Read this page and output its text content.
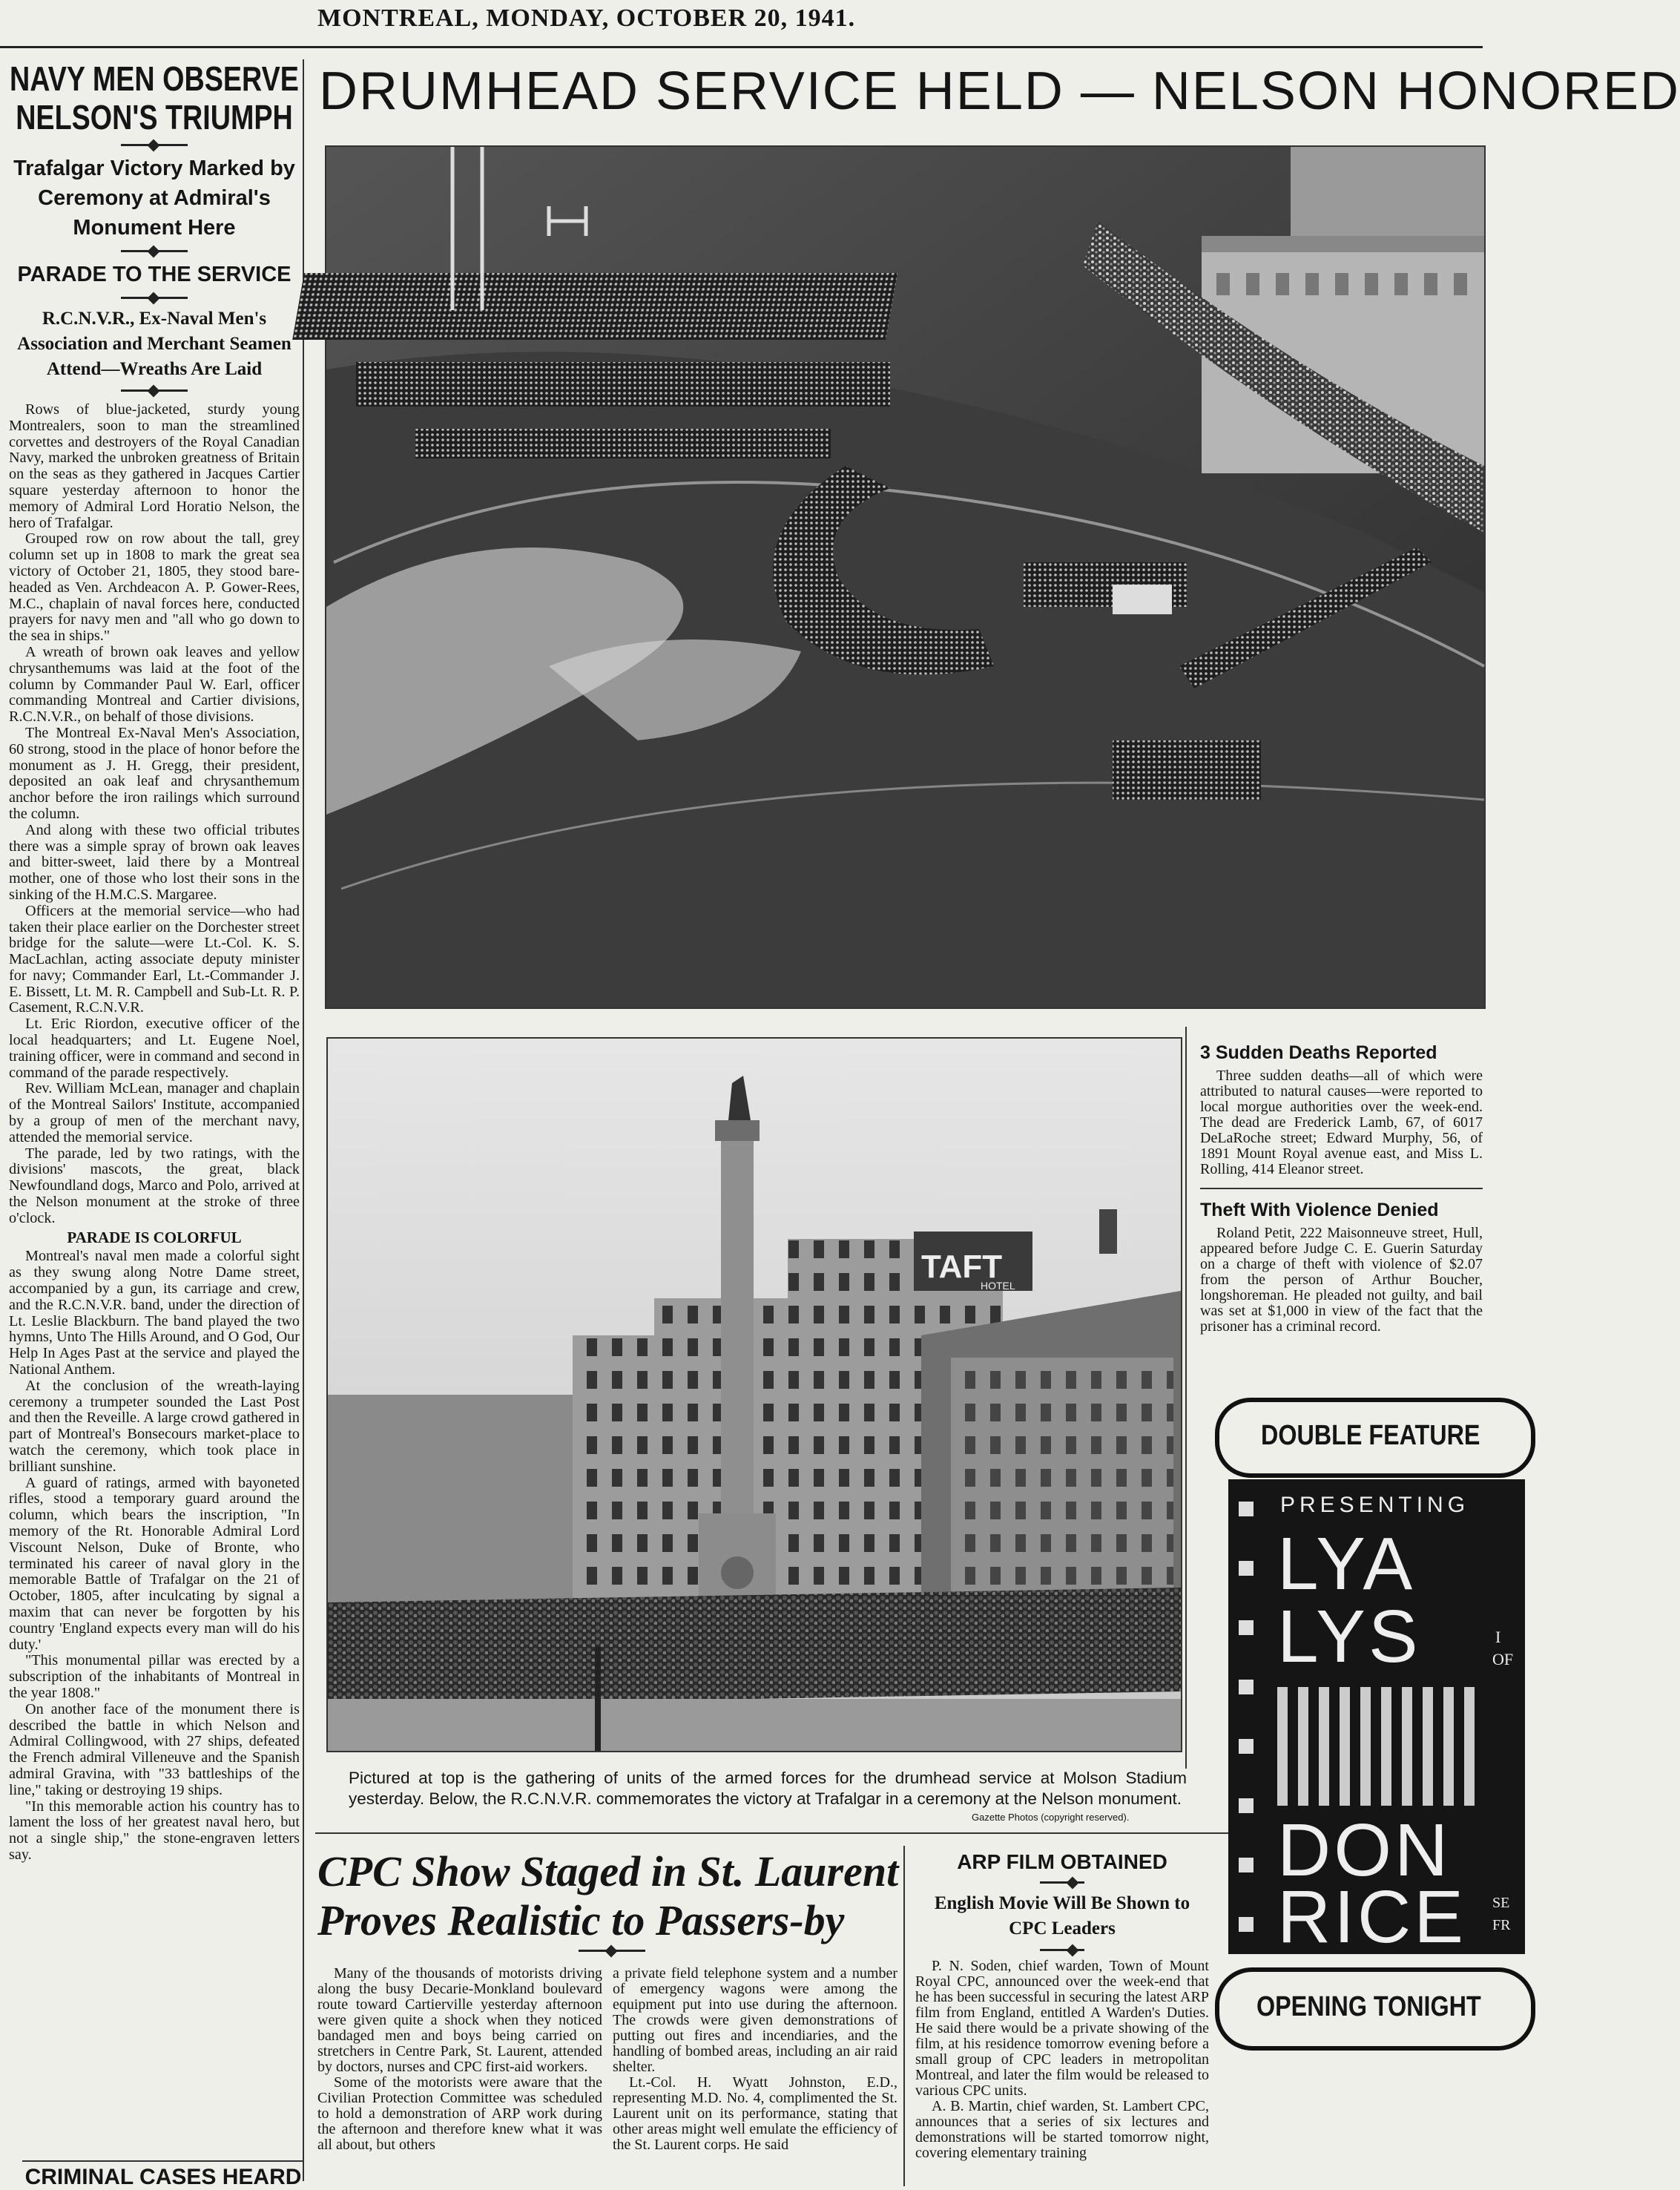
MONTREAL, MONDAY, OCTOBER 20, 1941.
NAVY MEN OBSERVE NELSON'S TRIUMPH
Trafalgar Victory Marked by Ceremony at Admiral's Monument Here
PARADE TO THE SERVICE
R.C.N.V.R., Ex-Naval Men's Association and Merchant Seamen Attend—Wreaths Are Laid

Rows of blue-jacketed, sturdy young Montrealers, soon to man the streamlined corvettes and destroyers of the Royal Canadian Navy, marked the unbroken greatness of Britain on the seas as they gathered in Jacques Cartier square yesterday afternoon to honor the memory of Admiral Lord Horatio Nelson, the hero of Trafalgar.

Grouped row on row about the tall, grey column set up in 1808 to mark the great sea victory of October 21, 1805, they stood bare-headed as Ven. Archdeacon A. P. Gower-Rees, M.C., chaplain of naval forces here, conducted prayers for navy men and "all who go down to the sea in ships."

A wreath of brown oak leaves and yellow chrysanthemums was laid at the foot of the column by Commander Paul W. Earl, officer commanding Montreal and Cartier divisions, R.C.N.V.R., on behalf of those divisions.

The Montreal Ex-Naval Men's Association, 60 strong, stood in the place of honor before the monument as J. H. Gregg, their president, deposited an oak leaf and chrysanthemum anchor before the iron railings which surround the column.

And along with these two official tributes there was a simple spray of brown oak leaves and bitter-sweet, laid there by a Montreal mother, one of those who lost their sons in the sinking of the H.M.C.S. Margaree.

Officers at the memorial service—who had taken their place earlier on the Dorchester street bridge for the salute—were Lt.-Col. K. S. MacLachlan, acting associate deputy minister for navy; Commander Earl, Lt.-Commander J. E. Bissett, Lt. M. R. Campbell and Sub-Lt. R. P. Casement, R.C.N.V.R.

Lt. Eric Riordon, executive officer of the local headquarters; and Lt. Eugene Noel, training officer, were in command and second in command of the parade respectively.

Rev. William McLean, manager and chaplain of the Montreal Sailors' Institute, accompanied by a group of men of the merchant navy, attended the memorial service.

The parade, led by two ratings, with the divisions' mascots, the great, black Newfoundland dogs, Marco and Polo, arrived at the Nelson monument at the stroke of three o'clock.

PARADE IS COLORFUL

Montreal's naval men made a colorful sight as they swung along Notre Dame street, accompanied by a gun, its carriage and crew, and the R.C.N.V.R. band, under the direction of Lt. Leslie Blackburn. The band played the two hymns, Unto The Hills Around, and O God, Our Help In Ages Past at the service and played the National Anthem.

At the conclusion of the wreath-laying ceremony a trumpeter sounded the Last Post and then the Reveille. A large crowd gathered in part of Montreal's Bonsecours market-place to watch the ceremony, which took place in brilliant sunshine.

A guard of ratings, armed with bayoneted rifles, stood a temporary guard around the column, which bears the inscription, "In memory of the Rt. Honorable Admiral Lord Viscount Nelson, Duke of Bronte, who terminated his career of naval glory in the memorable Battle of Trafalgar on the 21 of October, 1805, after inculcating by signal a maxim that can never be forgotten by his country 'England expects every man will do his duty.'

"This monumental pillar was erected by a subscription of the inhabitants of Montreal in the year 1808."

On another face of the monument there is described the battle in which Nelson and Admiral Collingwood, with 27 ships, defeated the French admiral Villeneuve and the Spanish admiral Gravina, with "33 battleships of the line," taking or destroying 19 ships.

"In this memorable action his country has to lament the loss of her greatest naval hero, but not a single ship," the stone-engraven letters say.

CRIMINAL CASES HEARD
DRUMHEAD SERVICE HELD — NELSON HONORED
TAFT
HOTEL
Pictured at top is the gathering of units of the armed forces for the drumhead service at Molson Stadium yesterday. Below, the R.C.N.V.R. commemorates the victory at Trafalgar in a ceremony at the Nelson monument.
Gazette Photos (copyright reserved).
CPC Show Staged in St. Laurent Proves Realistic to Passers-by

Many of the thousands of motorists driving along the busy Decarie-Monkland boulevard route toward Cartierville yesterday afternoon were given quite a shock when they noticed bandaged men and boys being carried on stretchers in Centre Park, St. Laurent, attended by doctors, nurses and CPC first-aid workers.

Some of the motorists were aware that the Civilian Protection Committee was scheduled to hold a demonstration of ARP work during the afternoon and therefore knew what it was all about, but others

a private field telephone system and a number of emergency wagons were among the equipment put into use during the afternoon. The crowds were given demonstrations of putting out fires and incendiaries, and the handling of bombed areas, including an air raid shelter.

Lt.-Col. H. Wyatt Johnston, E.D., representing M.D. No. 4, complimented the St. Laurent unit on its performance, stating that other areas might well emulate the efficiency of the St. Laurent corps. He said

ARP FILM OBTAINED
English Movie Will Be Shown to CPC Leaders

P. N. Soden, chief warden, Town of Mount Royal CPC, announced over the week-end that he has been successful in securing the latest ARP film from England, entitled A Warden's Duties. He said there would be a private showing of the film, at his residence tomorrow evening before a small group of CPC leaders in metropolitan Montreal, and later the film would be released to various CPC units.

A. B. Martin, chief warden, St. Lambert CPC, announces that a series of six lectures and demonstrations will be started tomorrow night, covering elementary training

3 Sudden Deaths Reported

Three sudden deaths—all of which were attributed to natural causes—were reported to local morgue authorities over the week-end. The dead are Frederick Lamb, 67, of 6017 DeLaRoche street; Edward Murphy, 56, of 1891 Mount Royal avenue east, and Miss L. Rolling, 414 Eleanor street.

Theft With Violence Denied

Roland Petit, 222 Maisonneuve street, Hull, appeared before Judge C. E. Guerin Saturday on a charge of theft with violence of $2.07 from the person of Arthur Boucher, longshoreman. He pleaded not guilty, and bail was set at $1,000 in view of the fact that the prisoner has a criminal record.

DOUBLE FEATURE
PRESENTING
LYA
LYS	I
OF
DON
RICE SE
FR
OPENING TONIGHT
